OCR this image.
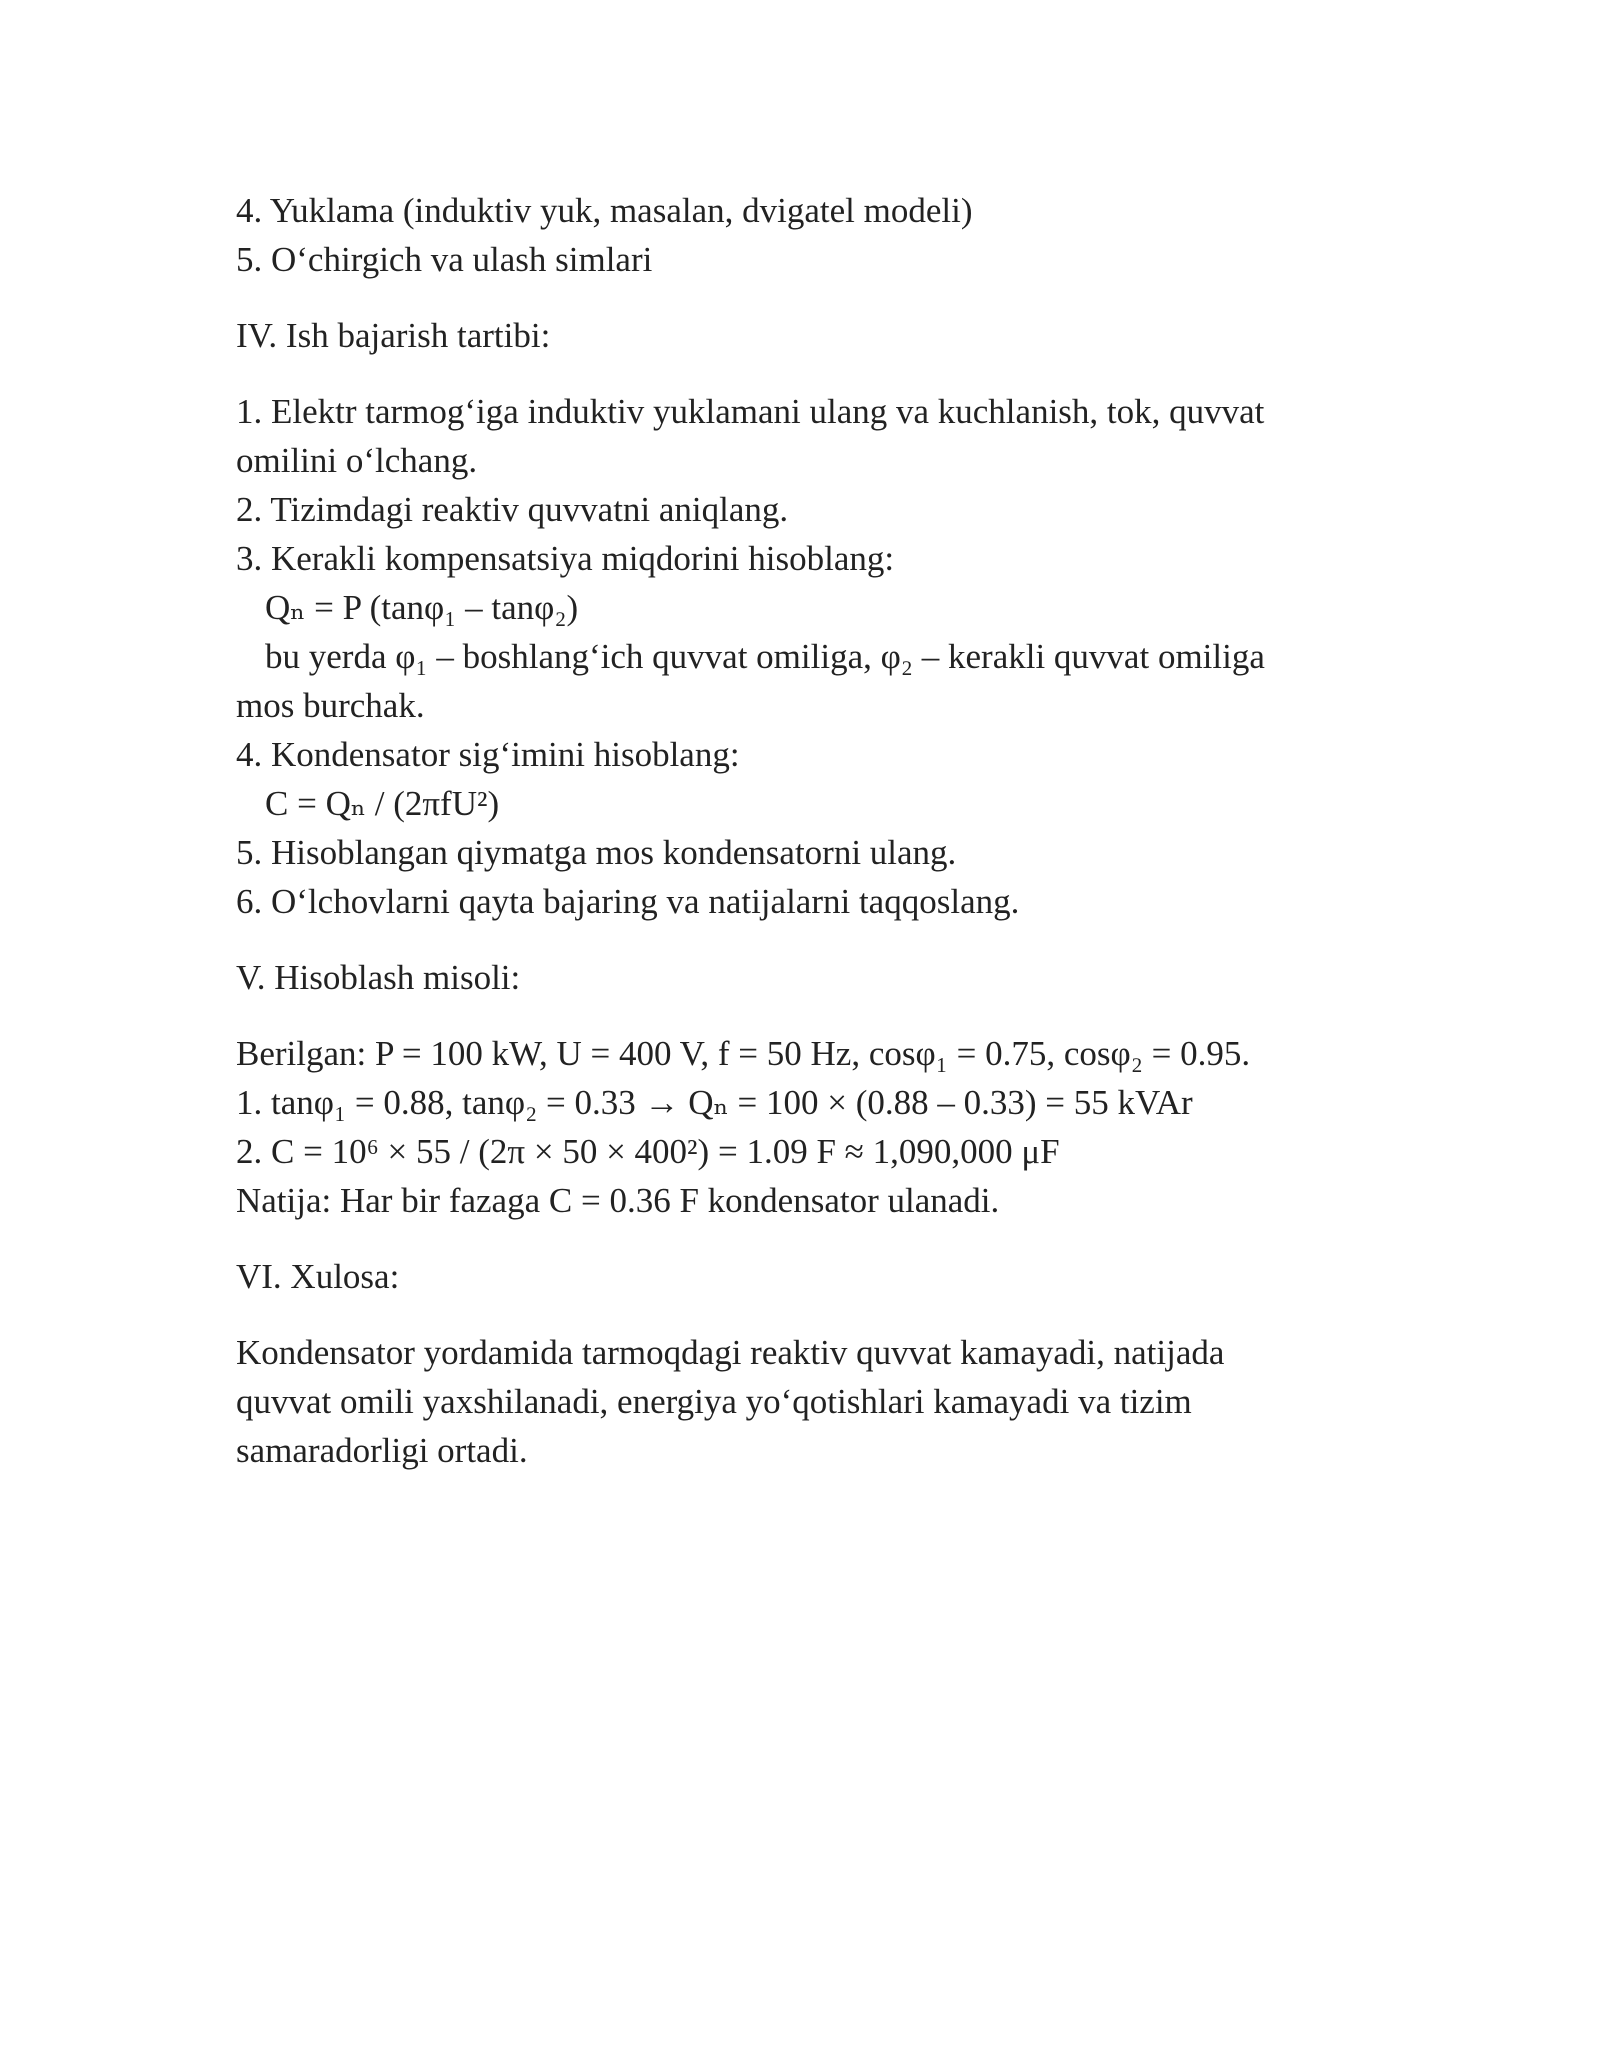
4. Yuklama (induktiv yuk, masalan, dvigatel modeli)
5. O‘chirgich va ulash simlari
IV. Ish bajarish tartibi:
1. Elektr tarmog‘iga induktiv yuklamani ulang va kuchlanish, tok, quvvat
omilini o‘lchang.
2. Tizimdagi reaktiv quvvatni aniqlang.
3. Kerakli kompensatsiya miqdorini hisoblang:
Qₙ = P (tanφ₁ – tanφ₂)
bu yerda φ₁ – boshlang‘ich quvvat omiliga, φ₂ – kerakli quvvat omiliga
mos burchak.
4. Kondensator sig‘imini hisoblang:
C = Qₙ / (2πfU²)
5. Hisoblangan qiymatga mos kondensatorni ulang.
6. O‘lchovlarni qayta bajaring va natijalarni taqqoslang.
V. Hisoblash misoli:
Berilgan: P = 100 kW, U = 400 V, f = 50 Hz, cosφ₁ = 0.75, cosφ₂ = 0.95.
1. tanφ₁ = 0.88, tanφ₂ = 0.33 → Qₙ = 100 × (0.88 – 0.33) = 55 kVAr
2. C = 10⁶ × 55 / (2π × 50 × 400²) = 1.09 F ≈ 1,090,000 μF
Natija: Har bir fazaga C = 0.36 F kondensator ulanadi.
VI. Xulosa:
Kondensator yordamida tarmoqdagi reaktiv quvvat kamayadi, natijada
quvvat omili yaxshilanadi, energiya yo‘qotishlari kamayadi va tizim
samaradorligi ortadi.
